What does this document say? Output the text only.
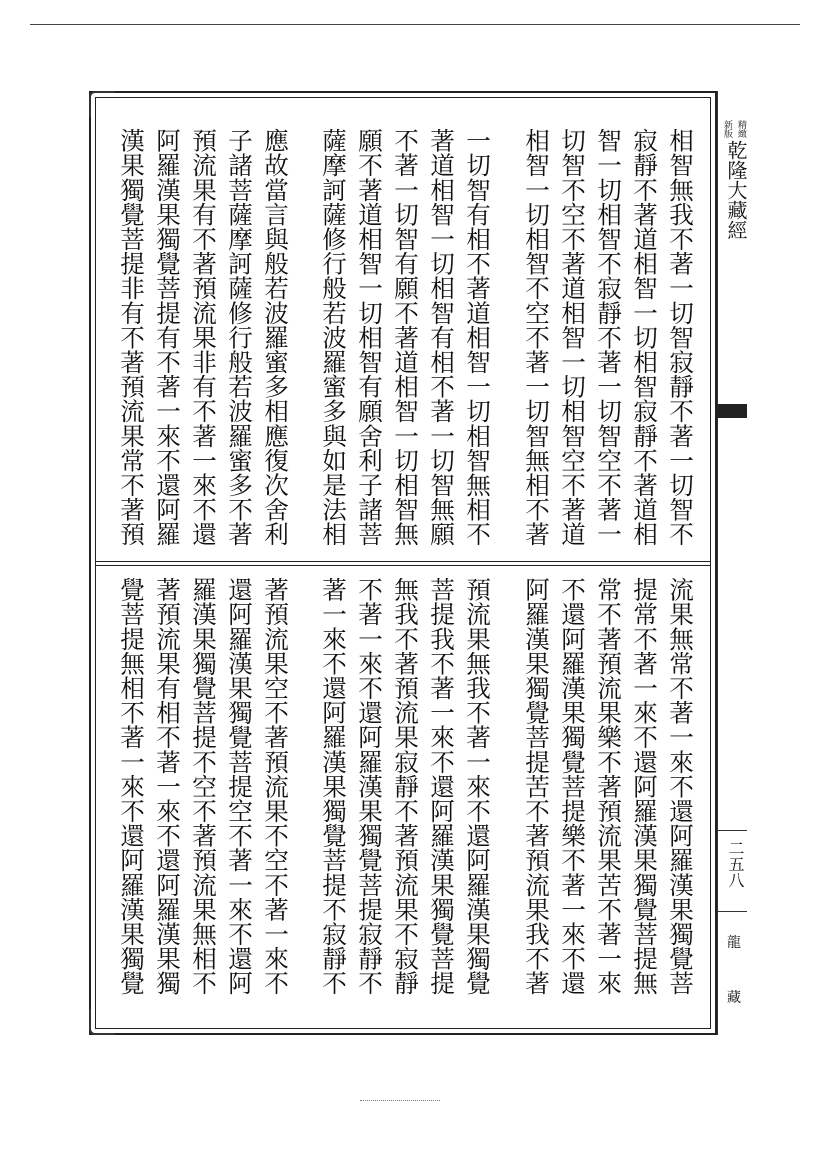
相智無我不著一切智寂靜不著一切智不
寂靜不著道相智一切相智寂靜不著道相
智一切相智不寂靜不著一切智空不著一
切智不空不著道相智一切相智空不著道
相智一切相智不空不著一切智無相不著
一切智有相不著道相智一切相智無相不
著道相智一切相智有相不著一切智無願
不著一切智有願不著道相智一切相智無
願不著道相智一切相智有願舍利子諸菩
薩摩訶薩修行般若波羅蜜多與如是法相
應故當言與般若波羅蜜多相應復次舍利
子諸菩薩摩訶薩修行般若波羅蜜多不著
預流果有不著預流果非有不著一來不還
阿羅漢果獨覺菩提有不著一來不還阿羅
漢果獨覺菩提非有不著預流果常不著預
流果無常不著一來不還阿羅漢果獨覺菩
提常不著一來不還阿羅漢果獨覺菩提無
常不著預流果樂不著預流果苦不著一來
不還阿羅漢果獨覺菩提樂不著一來不還
阿羅漢果獨覺菩提苦不著預流果我不著
預流果無我不著一來不還阿羅漢果獨覺
菩提我不著一來不還阿羅漢果獨覺菩提
無我不著預流果寂靜不著預流果不寂靜
不著一來不還阿羅漢果獨覺菩提寂靜不
著一來不還阿羅漢果獨覺菩提不寂靜不
著預流果空不著預流果不空不著一來不
還阿羅漢果獨覺菩提空不著一來不還阿
羅漢果獨覺菩提不空不著預流果無相不
著預流果有相不著一來不還阿羅漢果獨
覺菩提無相不著一來不還阿羅漢果獨覺
精緻
新版
乾隆大藏經
二五八
龍
藏
